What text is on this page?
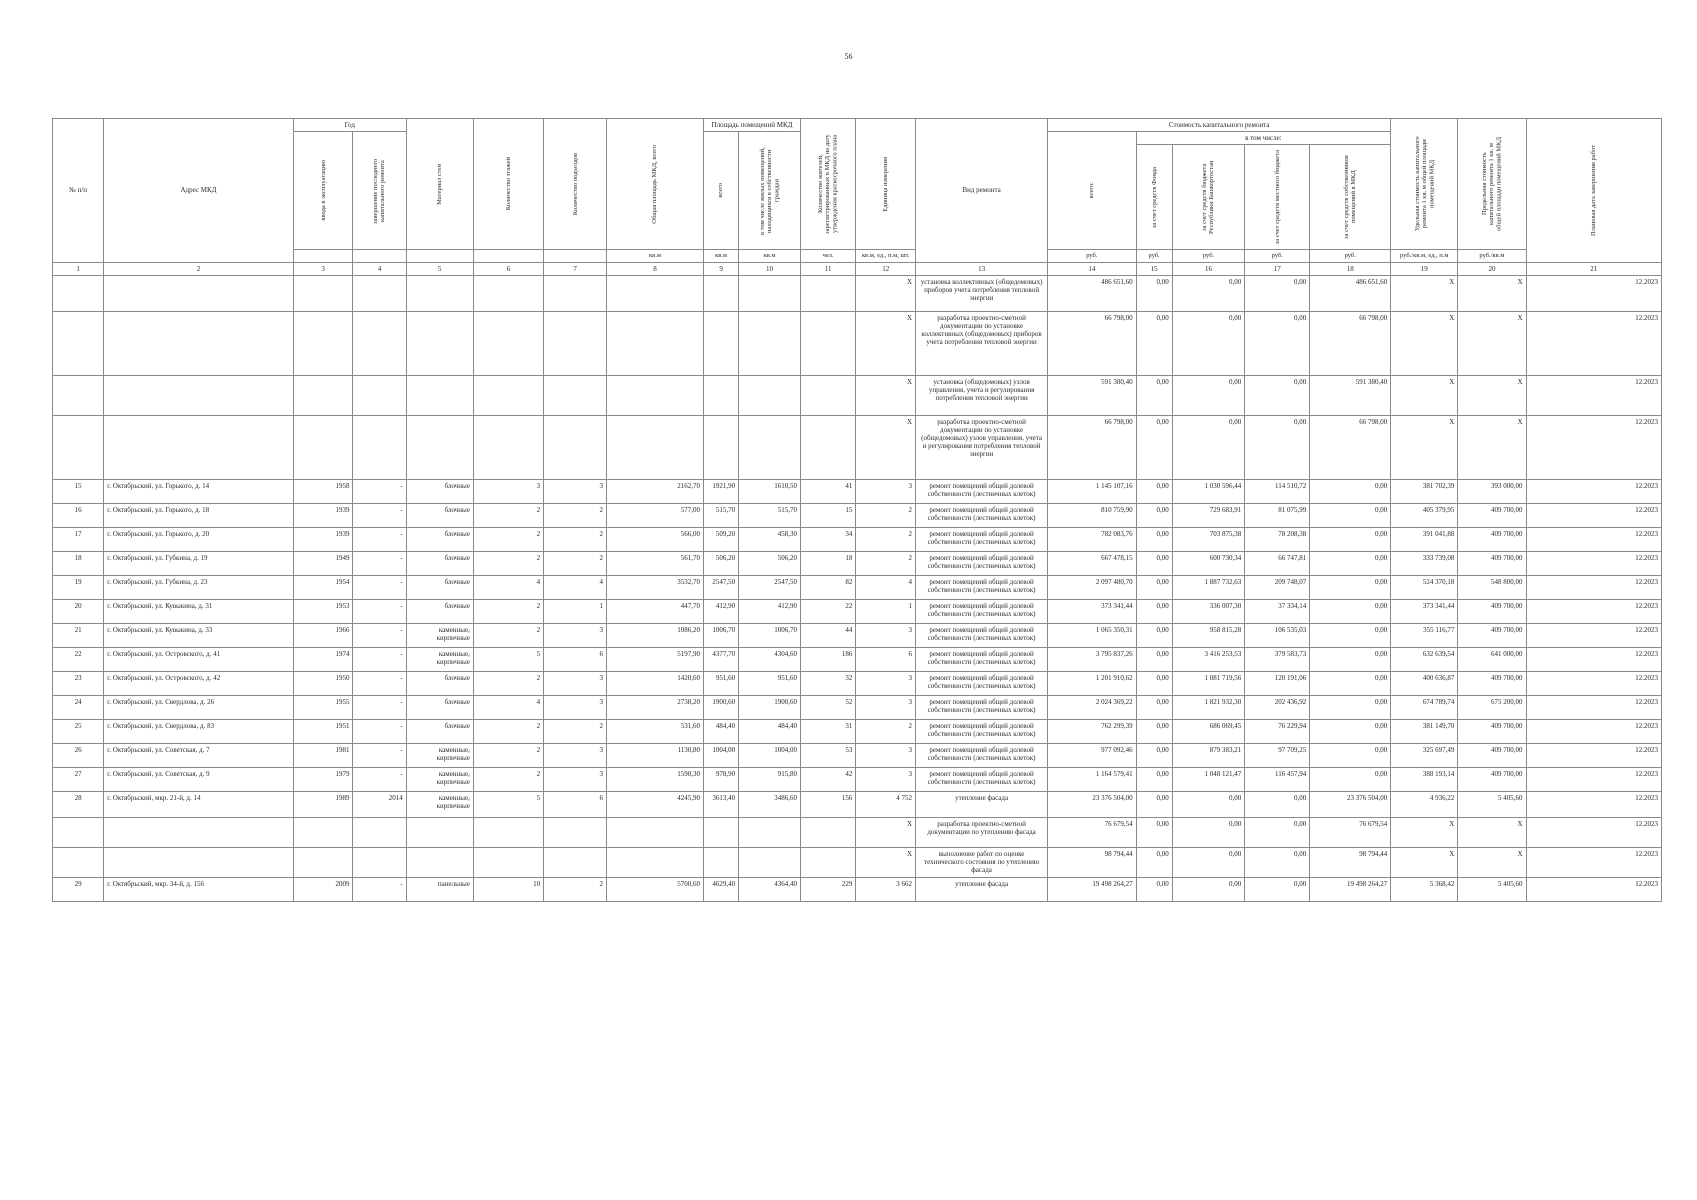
56
№ п/п	Адрес МКД	Год		Материал стен	Количество этажей	Количество подъездов	Общая площадь МКД, всего	Площадь помещений МКД		Количество жителей, зарегистрированных в МКД на дату утверждения краткосрочного плана	Единица измерения	Вид ремонта	Стоимость капитального ремонта					Удельная стоимость капитального ремонта 1 кв. м общей площади помещений МКД	Предельная стоимость капитального ремонта 1 кв. м общей площади помещений МКД	Плановая дата завершения работ

		ввода в эксплуатацию	завершение последнего капитального ремонта					всего	в том числе жилых помещений, находящихся в собственности граждан				всего:	в том числе:						

														за счет средств Фонда	за счет средств бюджета Республики Башкортостан	за счет средств местного бюджета	за счет средств собственников помещений в МКД			

							кв.м	кв.м	кв.м	чел.	кв.м, ед., п.м, шт.		руб.	руб.	руб.	руб.	руб.	руб./кв.м, ед., п.м	руб./кв.м	
1	2	3	4	5	6	7	8	9	10	11	12	13	14	15	16	17	18	19	20	21
											X	установка коллективных (общедомовых) приборов учета потребления тепловой энергии	486 651,60	0,00	0,00	0,00	486 651,60	X	X	12.2023
											X	разработка проектно-сметной документации по установке коллективных (общедомовых) приборов учета потребления тепловой энергии	66 798,00	0,00	0,00	0,00	66 798,00	X	X	12.2023
											X	установка (общедомовых) узлов управления, учета и регулирования потребления тепловой энергии	591 380,40	0,00	0,00	0,00	591 380,40	X	X	12.2023
											X	разработка проектно-сметной документации по установке (общедомовых) узлов управления, учета и регулирования потребления тепловой энергии	66 798,00	0,00	0,00	0,00	66 798,00	X	X	12.2023
15	г. Октябрьский, ул. Горького, д. 14	1958	-	блочные	3	3	2162,70	1921,90	1610,50	41	3	ремонт помещений общей долевой собственности (лестничных клеток)	1 145 107,16	0,00	1 030 596,44	114 510,72	0,00	381 702,39	393 000,00	12.2023
16	г. Октябрьский, ул. Горького, д. 18	1939	-	блочные	2	2	577,00	515,70	515,70	15	2	ремонт помещений общей долевой собственности (лестничных клеток)	810 759,90	0,00	729 683,91	81 075,99	0,00	405 379,95	409 700,00	12.2023
17	г. Октябрьский, ул. Горького, д. 20	1939	-	блочные	2	2	566,00	509,20	458,30	34	2	ремонт помещений общей долевой собственности (лестничных клеток)	782 083,76	0,00	703 875,38	78 208,38	0,00	391 041,88	409 700,00	12.2023
18	г. Октябрьский, ул. Губкина, д. 19	1949	-	блочные	2	2	561,70	506,20	506,20	18	2	ремонт помещений общей долевой собственности (лестничных клеток)	667 478,15	0,00	600 730,34	66 747,81	0,00	333 739,08	409 700,00	12.2023
19	г. Октябрьский, ул. Губкина, д. 23	1954	-	блочные	4	4	3532,70	2547,50	2547,50	82	4	ремонт помещений общей долевой собственности (лестничных клеток)	2 097 480,70	0,00	1 887 732,63	209 748,07	0,00	524 370,18	548 800,00	12.2023
20	г. Октябрьский, ул. Кувыкина, д. 31	1953	-	блочные	2	1	447,70	412,90	412,90	22	1	ремонт помещений общей долевой собственности (лестничных клеток)	373 341,44	0,00	336 007,30	37 334,14	0,00	373 341,44	409 700,00	12.2023
21	г. Октябрьский, ул. Кувыкина, д. 33	1966	-	каменные, кирпичные	2	3	1086,20	1006,70	1006,70	44	3	ремонт помещений общей долевой собственности (лестничных клеток)	1 065 350,31	0,00	958 815,28	106 535,03	0,00	355 116,77	409 700,00	12.2023
22	г. Октябрьский, ул. Островского, д. 41	1974	-	каменные, кирпичные	5	6	5197,90	4377,70	4304,60	186	6	ремонт помещений общей долевой собственности (лестничных клеток)	3 795 837,26	0,00	3 416 253,53	379 583,73	0,00	632 639,54	641 000,00	12.2023
23	г. Октябрьский, ул. Островского, д. 42	1950	-	блочные	2	3	1420,60	951,60	951,60	32	3	ремонт помещений общей долевой собственности (лестничных клеток)	1 201 910,62	0,00	1 081 719,56	120 191,06	0,00	400 636,87	409 700,00	12.2023
24	г. Октябрьский, ул. Свердлова, д. 26	1955	-	блочные	4	3	2738,20	1900,60	1900,60	52	3	ремонт помещений общей долевой собственности (лестничных клеток)	2 024 369,22	0,00	1 821 932,30	202 436,92	0,00	674 789,74	675 200,00	12.2023
25	г. Октябрьский, ул. Свердлова, д. 83	1951	-	блочные	2	2	531,60	484,40	484,40	31	2	ремонт помещений общей долевой собственности (лестничных клеток)	762 299,39	0,00	686 069,45	76 229,94	0,00	381 149,70	409 700,00	12.2023
26	г. Октябрьский, ул. Советская, д. 7	1981	-	каменные, кирпичные	2	3	1130,80	1004,00	1004,00	53	3	ремонт помещений общей долевой собственности (лестничных клеток)	977 092,46	0,00	879 383,21	97 709,25	0,00	325 697,49	409 700,00	12.2023
27	г. Октябрьский, ул. Советская, д. 9	1979	-	каменные, кирпичные	2	3	1590,30	978,90	915,80	42	3	ремонт помещений общей долевой собственности (лестничных клеток)	1 164 579,41	0,00	1 048 121,47	116 457,94	0,00	388 193,14	409 700,00	12.2023
28	г. Октябрьский, мкр. 21-й, д. 14	1989	2014	каменные, кирпичные	5	6	4245,90	3613,40	3486,60	156	4 752	утепление фасада	23 376 504,00	0,00	0,00	0,00	23 376 504,00	4 936,22	5 405,60	12.2023
											X	разработка проектно-сметной документации по утеплению фасада	76 679,54	0,00	0,00	0,00	76 679,54	X	X	12.2023
											X	выполнение работ по оценке технического состояния по утеплению фасада	98 794,44	0,00	0,00	0,00	98 794,44	X	X	12.2023
29	г. Октябрьский, мкр. 34-й, д. 156	2009	-	панельные	10	2	5700,60	4629,40	4364,40	229	3 662	утепление фасада	19 498 264,27	0,00	0,00	0,00	19 498 264,27	5 368,42	5 405,60	12.2023
